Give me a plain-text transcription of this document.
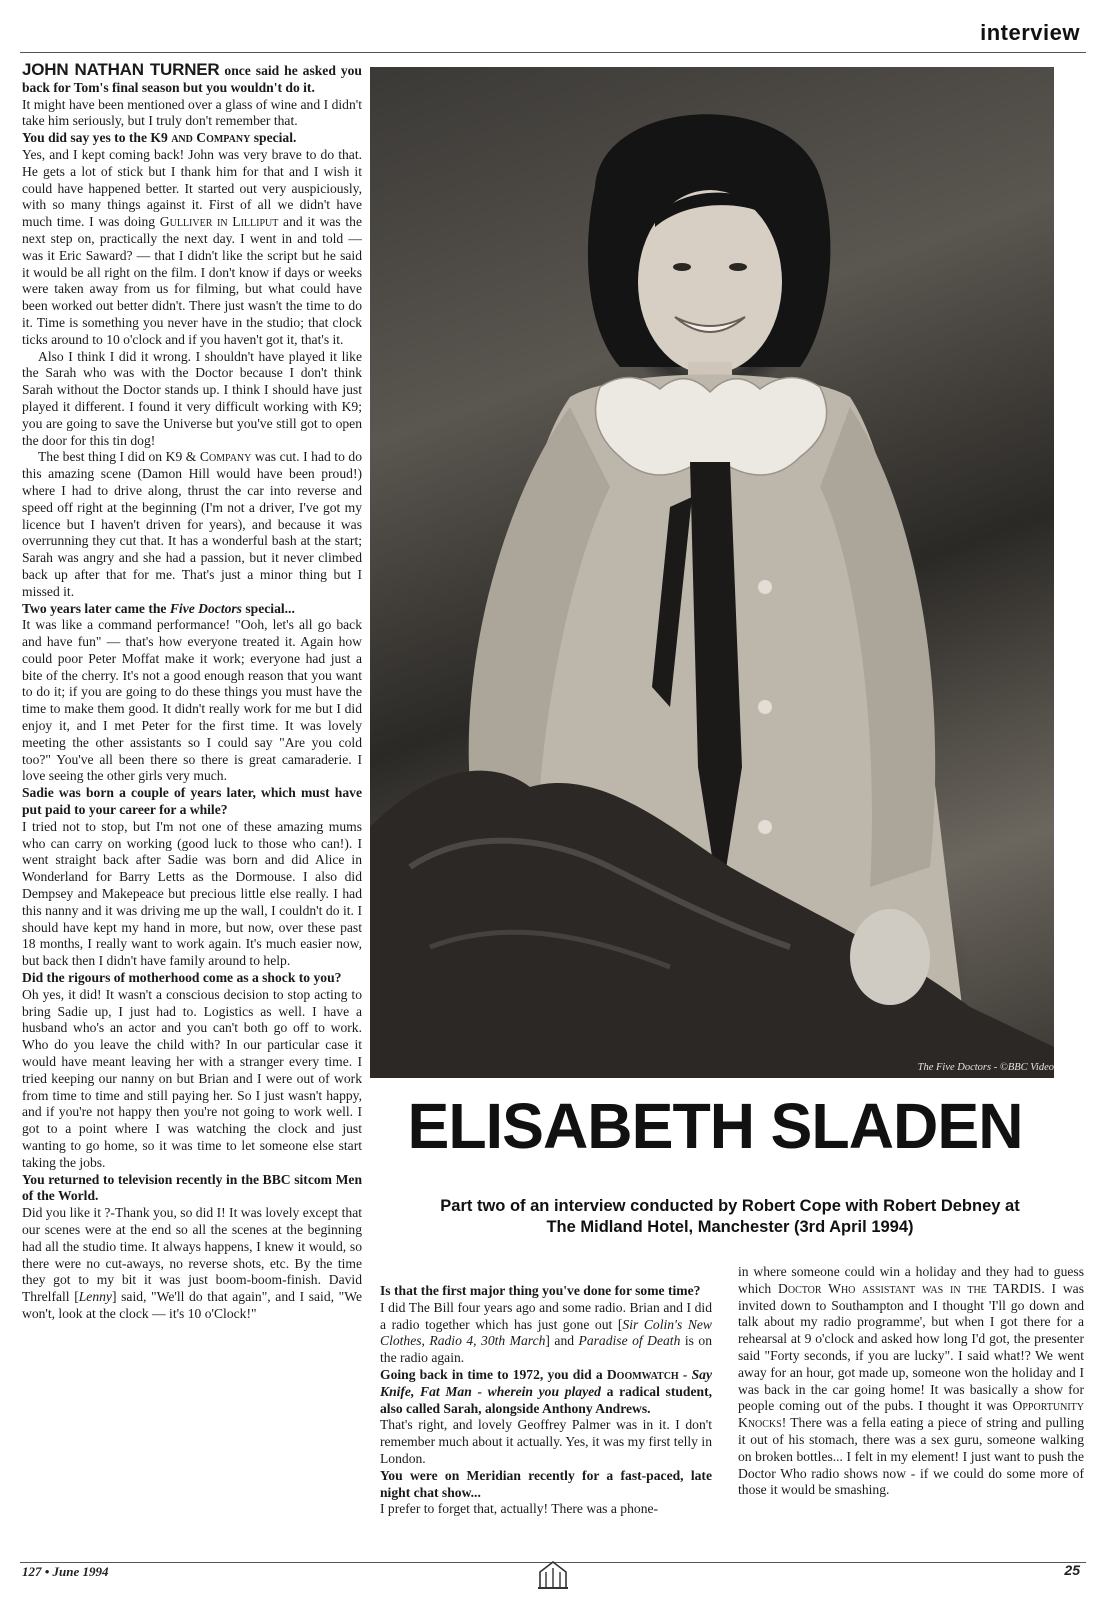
interview

JOHN NATHAN TURNER once said he asked you back for Tom's final season but you wouldn't do it.

It might have been mentioned over a glass of wine and I didn't take him seriously, but I truly don't remember that.

You did say yes to the K9 and Company special.

Yes, and I kept coming back! John was very brave to do that. He gets a lot of stick but I thank him for that and I wish it could have happened better. It started out very auspiciously, with so many things against it. First of all we didn't have much time. I was doing Gulliver in Lilliput and it was the next step on, practically the next day. I went in and told — was it Eric Saward? — that I didn't like the script but he said it would be all right on the film. I don't know if days or weeks were taken away from us for filming, but what could have been worked out better didn't. There just wasn't the time to do it. Time is something you never have in the studio; that clock ticks around to 10 o'clock and if you haven't got it, that's it.

Also I think I did it wrong. I shouldn't have played it like the Sarah who was with the Doctor because I don't think Sarah without the Doctor stands up. I think I should have just played it different. I found it very difficult working with K9; you are going to save the Universe but you've still got to open the door for this tin dog!

The best thing I did on K9 & Company was cut. I had to do this amazing scene (Damon Hill would have been proud!) where I had to drive along, thrust the car into reverse and speed off right at the beginning (I'm not a driver, I've got my licence but I haven't driven for years), and because it was overrunning they cut that. It has a wonderful bash at the start; Sarah was angry and she had a passion, but it never climbed back up after that for me. That's just a minor thing but I missed it.

Two years later came the Five Doctors special...

It was like a command performance! "Ooh, let's all go back and have fun" — that's how everyone treated it. Again how could poor Peter Moffat make it work; everyone had just a bite of the cherry. It's not a good enough reason that you want to do it; if you are going to do these things you must have the time to make them good. It didn't really work for me but I did enjoy it, and I met Peter for the first time. It was lovely meeting the other assistants so I could say "Are you cold too?" You've all been there so there is great camaraderie. I love seeing the other girls very much.

Sadie was born a couple of years later, which must have put paid to your career for a while?

I tried not to stop, but I'm not one of these amazing mums who can carry on working (good luck to those who can!). I went straight back after Sadie was born and did Alice in Wonderland for Barry Letts as the Dormouse. I also did Dempsey and Makepeace but precious little else really. I had this nanny and it was driving me up the wall, I couldn't do it. I should have kept my hand in more, but now, over these past 18 months, I really want to work again. It's much easier now, but back then I didn't have family around to help.

Did the rigours of motherhood come as a shock to you?

Oh yes, it did! It wasn't a conscious decision to stop acting to bring Sadie up, I just had to. Logistics as well. I have a husband who's an actor and you can't both go off to work. Who do you leave the child with? In our particular case it would have meant leaving her with a stranger every time. I tried keeping our nanny on but Brian and I were out of work from time to time and still paying her. So I just wasn't happy, and if you're not happy then you're not going to work well. I got to a point where I was watching the clock and just wanting to go home, so it was time to let someone else start taking the jobs.

You returned to television recently in the BBC sitcom Men of the World.

Did you like it ?-Thank you, so did I! It was lovely except that our scenes were at the end so all the scenes at the beginning had all the studio time. It always happens, I knew it would, so there were no cut-aways, no reverse shots, etc. By the time they got to my bit it was just boom-boom-finish. David Threlfall [Lenny] said, "We'll do that again", and I said, "We won't, look at the clock — it's 10 o'Clock!"

The Five Doctors - ©BBC Video
ELISABETH SLADEN
Part two of an interview conducted by Robert Cope with Robert Debney at
The Midland Hotel, Manchester (3rd April 1994)

Is that the first major thing you've done for some time?

I did The Bill four years ago and some radio. Brian and I did a radio together which has just gone out [Sir Colin's New Clothes, Radio 4, 30th March] and Paradise of Death is on the radio again.

Going back in time to 1972, you did a Doomwatch - Say Knife, Fat Man - wherein you played a radical student, also called Sarah, alongside Anthony Andrews.

That's right, and lovely Geoffrey Palmer was in it. I don't remember much about it actually. Yes, it was my first telly in London.

You were on Meridian recently for a fast-paced, late night chat show...

I prefer to forget that, actually! There was a phone-

in where someone could win a holiday and they had to guess which Doctor Who assistant was in the TARDIS. I was invited down to Southampton and I thought 'I'll go down and talk about my radio programme', but when I got there for a rehearsal at 9 o'clock and asked how long I'd got, the presenter said "Forty seconds, if you are lucky". I said what!? We went away for an hour, got made up, someone won the holiday and I was back in the car going home! It was basically a show for people coming out of the pubs. I thought it was Opportunity Knocks! There was a fella eating a piece of string and pulling it out of his stomach, there was a sex guru, someone walking on broken bottles... I felt in my element! I just want to push the Doctor Who radio shows now - if we could do some more of those it would be smashing.

127 • June 1994	25
